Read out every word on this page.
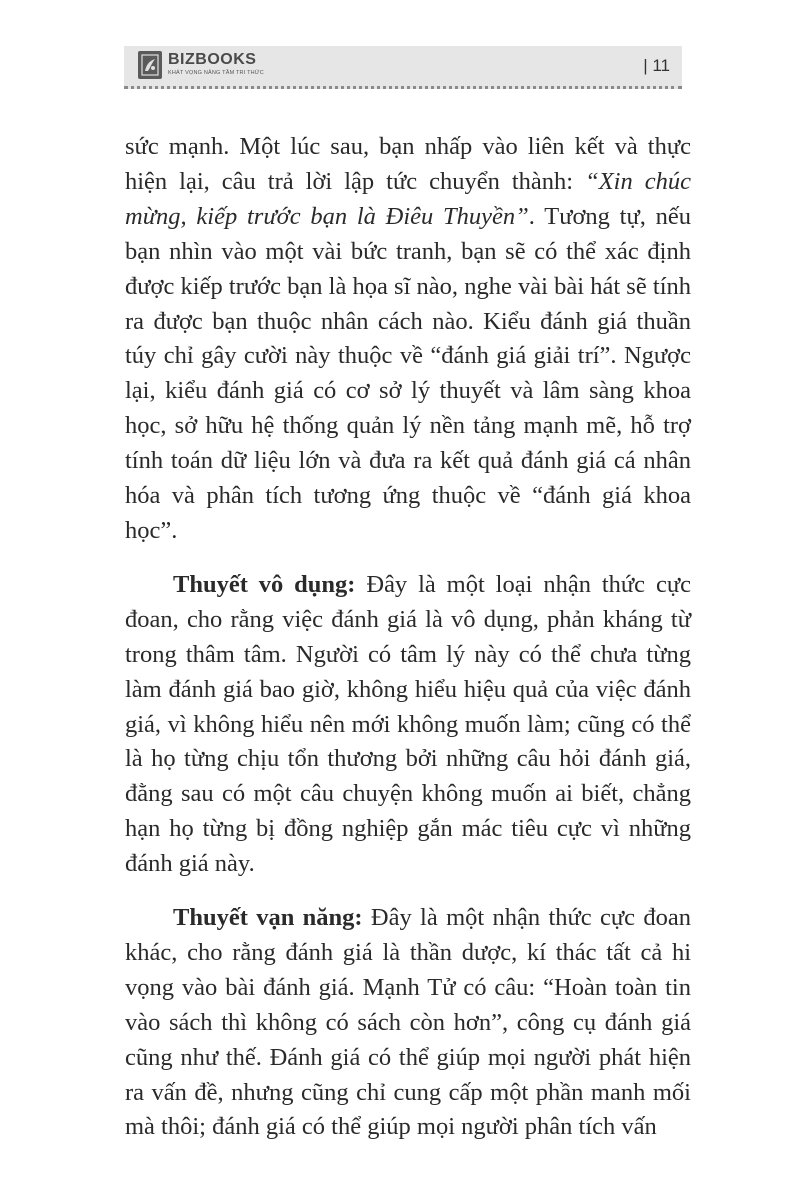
BIZBOOKS
KHÁT VỌNG NÂNG TẦM TRI THỨC	| 11

sức mạnh. Một lúc sau, bạn nhấp vào liên kết và thực hiện lại, câu trả lời lập tức chuyển thành: “Xin chúc mừng, kiếp trước bạn là Điêu Thuyền”. Tương tự, nếu bạn nhìn vào một vài bức tranh, bạn sẽ có thể xác định được kiếp trước bạn là họa sĩ nào, nghe vài bài hát sẽ tính ra được bạn thuộc nhân cách nào. Kiểu đánh giá thuần túy chỉ gây cười này thuộc về “đánh giá giải trí”. Ngược lại, kiểu đánh giá có cơ sở lý thuyết và lâm sàng khoa học, sở hữu hệ thống quản lý nền tảng mạnh mẽ, hỗ trợ tính toán dữ liệu lớn và đưa ra kết quả đánh giá cá nhân hóa và phân tích tương ứng thuộc về “đánh giá khoa học”.

Thuyết vô dụng: Đây là một loại nhận thức cực đoan, cho rằng việc đánh giá là vô dụng, phản kháng từ trong thâm tâm. Người có tâm lý này có thể chưa từng làm đánh giá bao giờ, không hiểu hiệu quả của việc đánh giá, vì không hiểu nên mới không muốn làm; cũng có thể là họ từng chịu tổn thương bởi những câu hỏi đánh giá, đằng sau có một câu chuyện không muốn ai biết, chẳng hạn họ từng bị đồng nghiệp gắn mác tiêu cực vì những đánh giá này.

Thuyết vạn năng: Đây là một nhận thức cực đoan khác, cho rằng đánh giá là thần dược, kí thác tất cả hi vọng vào bài đánh giá. Mạnh Tử có câu: “Hoàn toàn tin vào sách thì không có sách còn hơn”, công cụ đánh giá cũng như thế. Đánh giá có thể giúp mọi người phát hiện ra vấn đề, nhưng cũng chỉ cung cấp một phần manh mối mà thôi; đánh giá có thể giúp mọi người phân tích vấn
